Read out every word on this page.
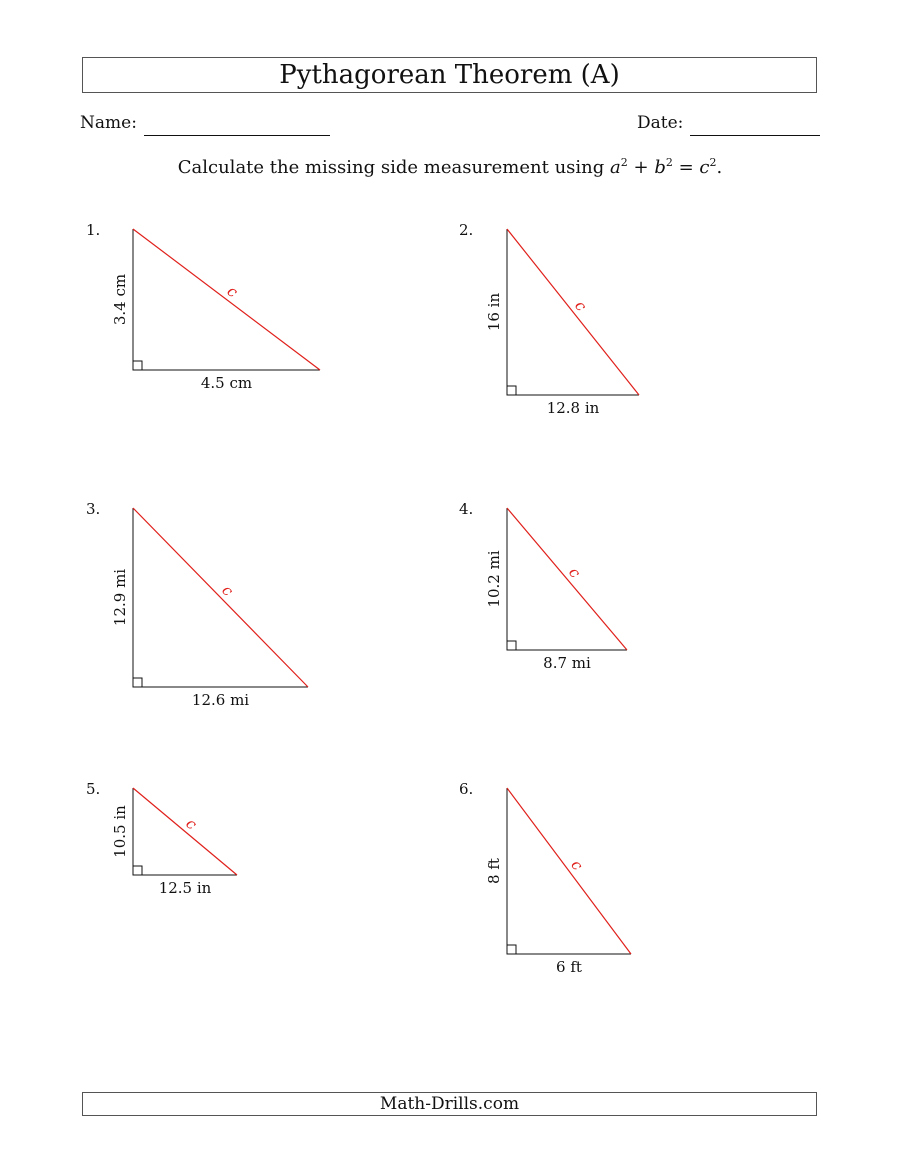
Pythagorean Theorem (A)
Name:	Date:
Calculate the missing side measurement using $a^2 + b^2 = c^2$.
1.
3.4 cm
4.5 cm
c
2.
16 in
12.8 in
c
3.
12.9 mi
12.6 mi
c
4.
10.2 mi
8.7 mi
c
5.
10.5 in
12.5 in
c
6.
8 ft
6 ft
c
Math-Drills.com
